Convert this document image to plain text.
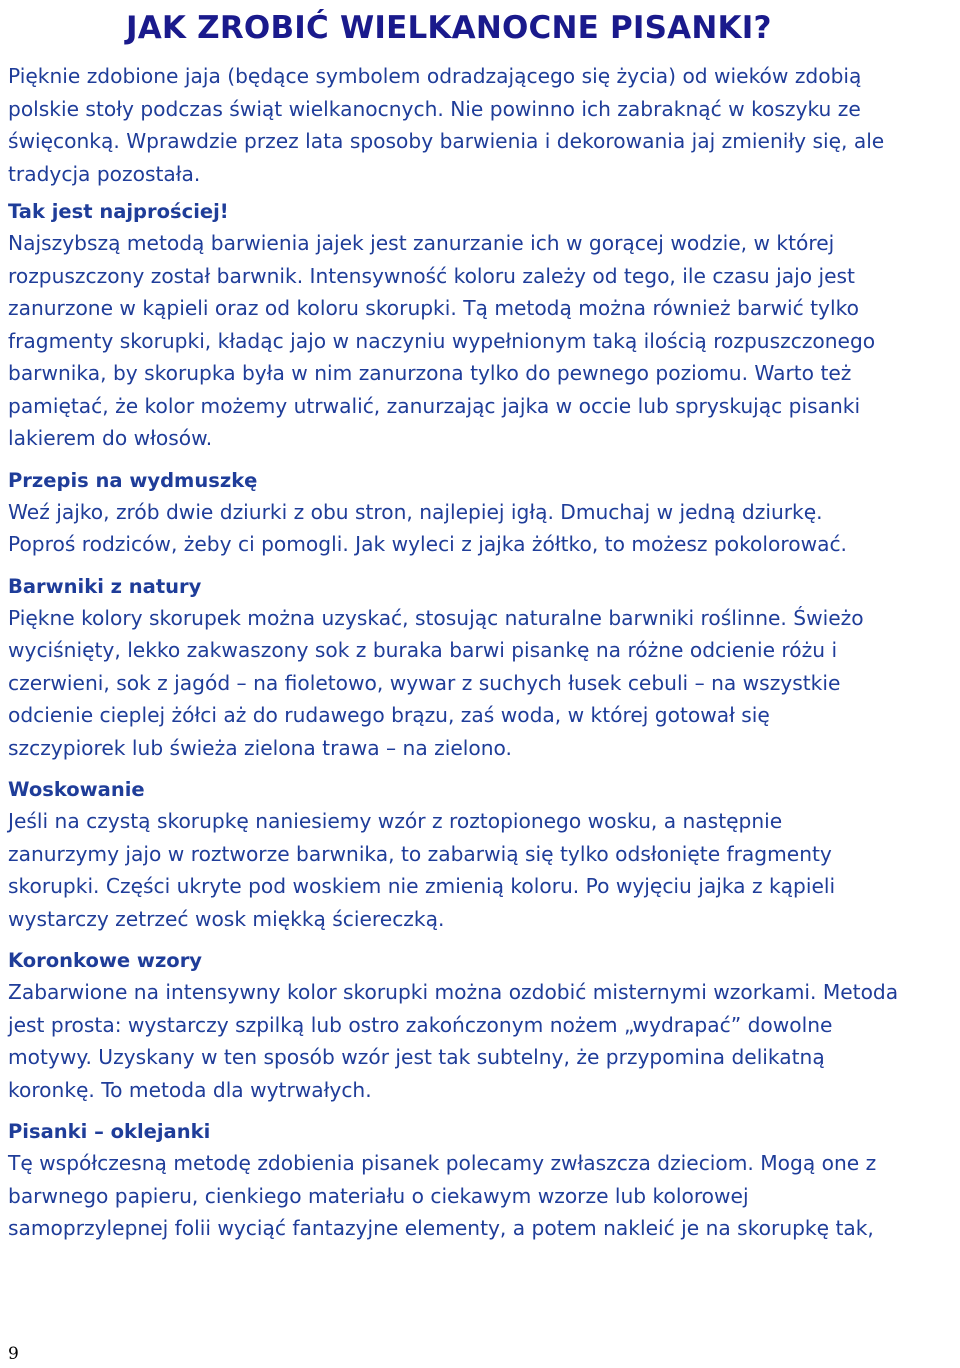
JAK ZROBIĆ WIELKANOCNE PISANKI?

Pięknie zdobione jaja (będące symbolem odradzającego się życia) od wieków zdobią
polskie stoły podczas świąt wielkanocnych. Nie powinno ich zabraknąć w koszyku ze
święconką. Wprawdzie przez lata sposoby barwienia i dekorowania jaj zmieniły się, ale
tradycja pozostała.

Tak jest najprościej!

Najszybszą metodą barwienia jajek jest zanurzanie ich w gorącej wodzie, w której
rozpuszczony został barwnik. Intensywność koloru zależy od tego, ile czasu jajo jest
zanurzone w kąpieli oraz od koloru skorupki. Tą metodą można również barwić tylko
fragmenty skorupki, kładąc jajo w naczyniu wypełnionym taką ilością rozpuszczonego
barwnika, by skorupka była w nim zanurzona tylko do pewnego poziomu. Warto też
pamiętać, że kolor możemy utrwalić, zanurzając jajka w occie lub spryskując pisanki
lakierem do włosów.

Przepis na wydmuszkę

Weź jajko, zrób dwie dziurki z obu stron, najlepiej igłą. Dmuchaj w jedną dziurkę.
Poproś rodziców, żeby ci pomogli. Jak wyleci z jajka żółtko, to możesz pokolorować.

Barwniki z natury

Piękne kolory skorupek można uzyskać, stosując naturalne barwniki roślinne. Świeżo
wyciśnięty, lekko zakwaszony sok z buraka barwi pisankę na różne odcienie różu i
czerwieni, sok z jagód – na fioletowo, wywar z suchych łusek cebuli – na wszystkie
odcienie cieplej żółci aż do rudawego brązu, zaś woda, w której gotował się
szczypiorek lub świeża zielona trawa – na zielono.

Woskowanie

Jeśli na czystą skorupkę naniesiemy wzór z roztopionego wosku, a następnie
zanurzymy jajo w roztworze barwnika, to zabarwią się tylko odsłonięte fragmenty
skorupki. Części ukryte pod woskiem nie zmienią koloru. Po wyjęciu jajka z kąpieli
wystarczy zetrzeć wosk miękką ściereczką.

Koronkowe wzory

Zabarwione na intensywny kolor skorupki można ozdobić misternymi wzorkami. Metoda
jest prosta: wystarczy szpilką lub ostro zakończonym nożem „wydrapać” dowolne
motywy. Uzyskany w ten sposób wzór jest tak subtelny, że przypomina delikatną
koronkę. To metoda dla wytrwałych.

Pisanki – oklejanki

Tę współczesną metodę zdobienia pisanek polecamy zwłaszcza dzieciom. Mogą one z
barwnego papieru, cienkiego materiału o ciekawym wzorze lub kolorowej
samoprzylepnej folii wyciąć fantazyjne elementy, a potem nakleić je na skorupkę tak,

9
